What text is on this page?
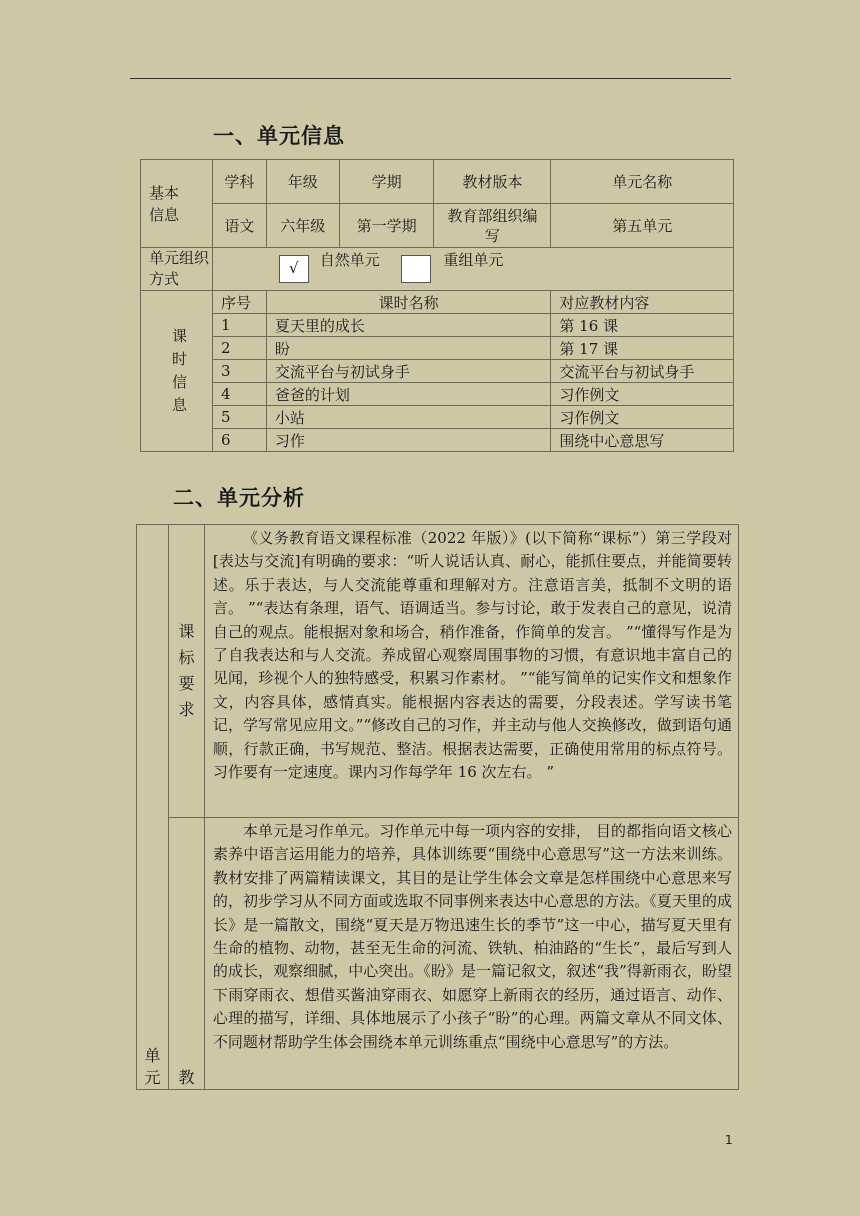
一、单元信息
基本信息	学科	年级	学期	教材版本	单元名称
	语文	六年级	第一学期	教育部组织编写	第五单元
单元组织方式	√ 自然单元 重组单元				
课时信息	序号	课时名称			对应教材内容
	1	夏天里的成长			第 16 课
	2	盼			第 17 课
	3	交流平台与初试身手			交流平台与初试身手
	4	爸爸的计划			习作例文
	5	小站			习作例文
	6	习作			围绕中心意思写
二、单元分析
单元	课标要求	《义务教育语文课程标准（2022 年版）》(以下简称“课标”）第三学段对[表达与交流]有明确的要求：“听人说话认真、耐心，能抓住要点，并能简要转述。乐于表达，与人交流能尊重和理解对方。注意语言美，抵制不文明的语言。 ”“表达有条理，语气、语调适当。参与讨论，敢于发表自己的意见，说清自己的观点。能根据对象和场合，稍作准备，作简单的发言。 ”“懂得写作是为了自我表达和与人交流。养成留心观察周围事物的习惯，有意识地丰富自己的见闻，珍视个人的独特感受，积累习作素材。 ”“能写简单的记实作文和想象作文，内容具体，感情真实。能根据内容表达的需要，分段表述。学写读书笔记，学写常见应用文。”“修改自己的习作，并主动与他人交换修改，做到语句通顺，行款正确，书写规范、整洁。根据表达需要，正确使用常用的标点符号。习作要有一定速度。课内习作每学年 16 次左右。 ”

	教	本单元是习作单元。习作单元中每一项内容的安排， 目的都指向语文核心素养中语言运用能力的培养，具体训练要“围绕中心意思写”这一方法来训练。教材安排了两篇精读课文，其目的是让学生体会文章是怎样围绕中心意思来写的，初步学习从不同方面或选取不同事例来表达中心意思的方法。《夏天里的成长》是一篇散文，围绕“夏天是万物迅速生长的季节”这一中心，描写夏天里有生命的植物、动物，甚至无生命的河流、铁轨、柏油路的“生长”，最后写到人的成长，观察细腻，中心突出。《盼》是一篇记叙文，叙述“我”得新雨衣，盼望下雨穿雨衣、想借买酱油穿雨衣、如愿穿上新雨衣的经历，通过语言、动作、心理的描写，详细、具体地展示了小孩子“盼”的心理。两篇文章从不同文体、不同题材帮助学生体会围绕本单元训练重点“围绕中心意思写”的方法。

1
